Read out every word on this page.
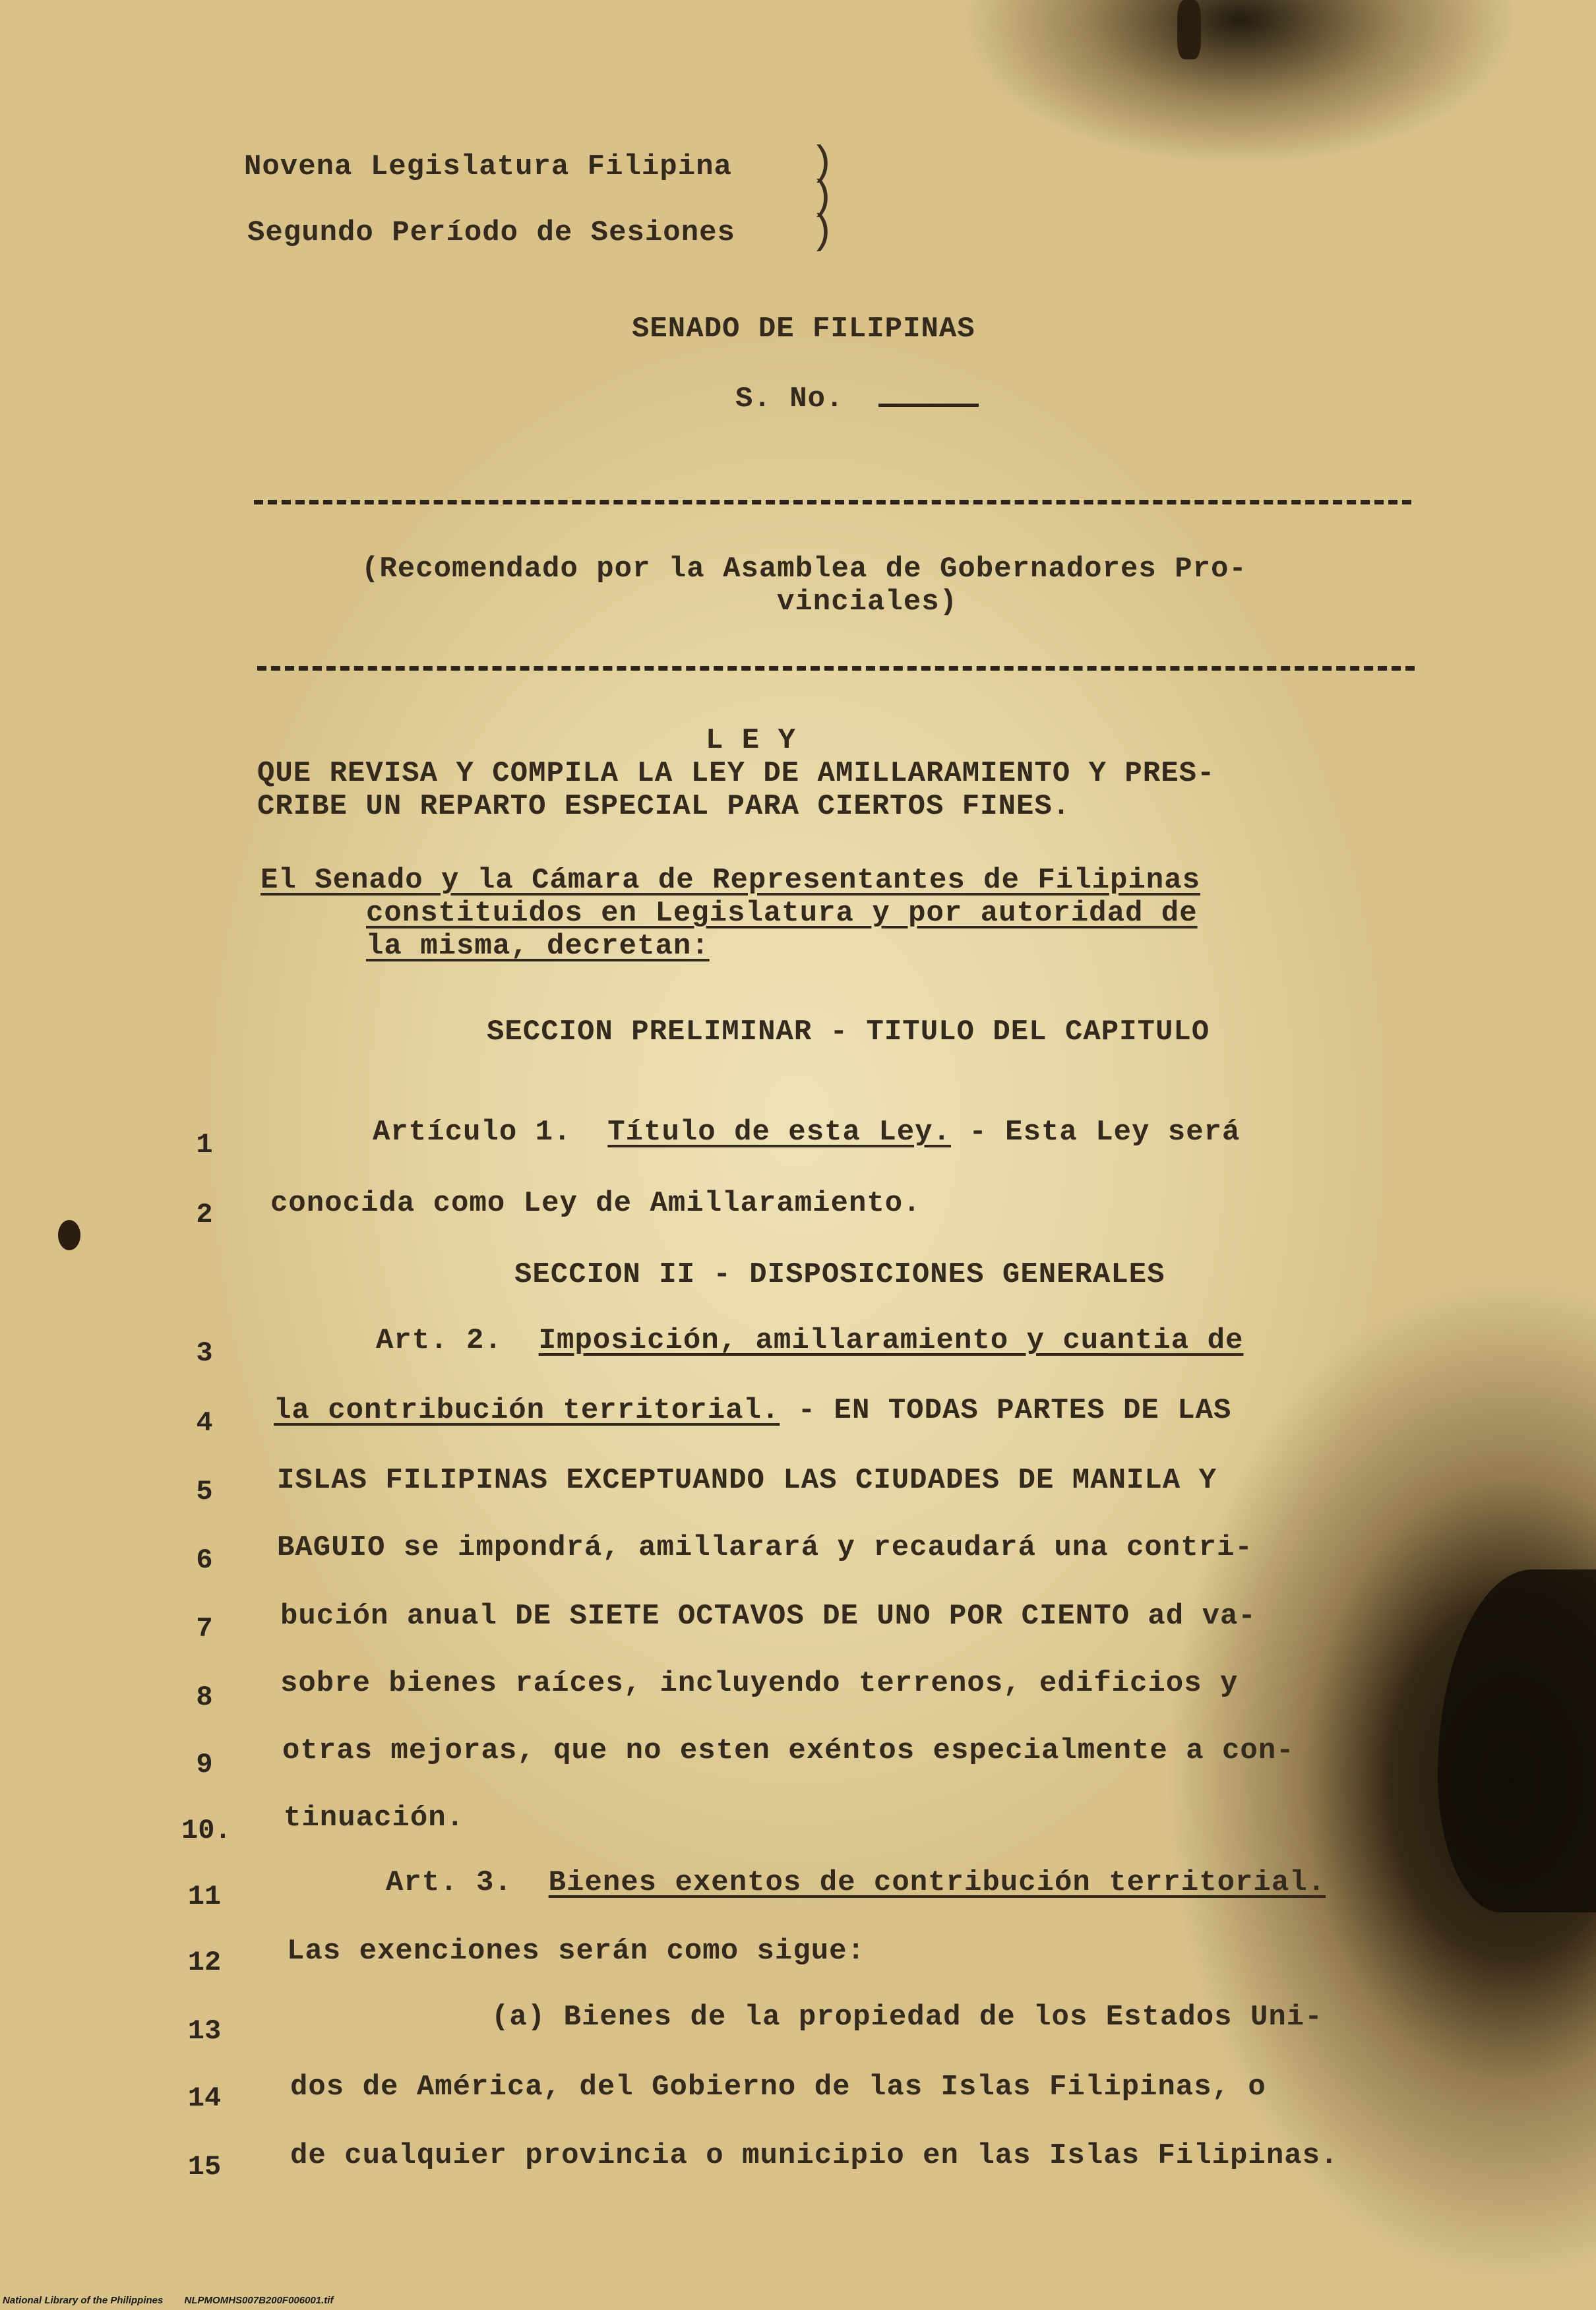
Novena Legislatura Filipina
Segundo Período de Sesiones
)
)
)
SENADO DE FILIPINAS
S. No.
(Recomendado por la Asamblea de Gobernadores Pro-
vinciales)
L E Y
QUE REVISA Y COMPILA LA LEY DE AMILLARAMIENTO Y PRES-
CRIBE UN REPARTO ESPECIAL PARA CIERTOS FINES.
El Senado y la Cámara de Representantes de Filipinas
constituidos en Legislatura y por autoridad de
la misma, decretan:
SECCION PRELIMINAR - TITULO DEL CAPITULO
1	Artículo 1. Título de esta Ley. - Esta Ley será
2	conocida como Ley de Amillaramiento.
SECCION II - DISPOSICIONES GENERALES
3	Art. 2. Imposición, amillaramiento y cuantia de
4	la contribución territorial. - EN TODAS PARTES DE LAS
5	ISLAS FILIPINAS EXCEPTUANDO LAS CIUDADES DE MANILA Y
6	BAGUIO se impondrá, amillarará y recaudará una contri-
7	bución anual DE SIETE OCTAVOS DE UNO POR CIENTO ad va-
8	sobre bienes raíces, incluyendo terrenos, edificios y
9	otras mejoras, que no esten exéntos especialmente a con-
10. tinuación.
11	Art. 3. Bienes exentos de contribución territorial.
12 Las exenciones serán como sigue:
13	(a) Bienes de la propiedad de los Estados Uni-
14 dos de América, del Gobierno de las Islas Filipinas, o
15 de cualquier provincia o municipio en las Islas Filipinas.
National Library of the Philippines NLPMOMHS007B200F006001.tif
